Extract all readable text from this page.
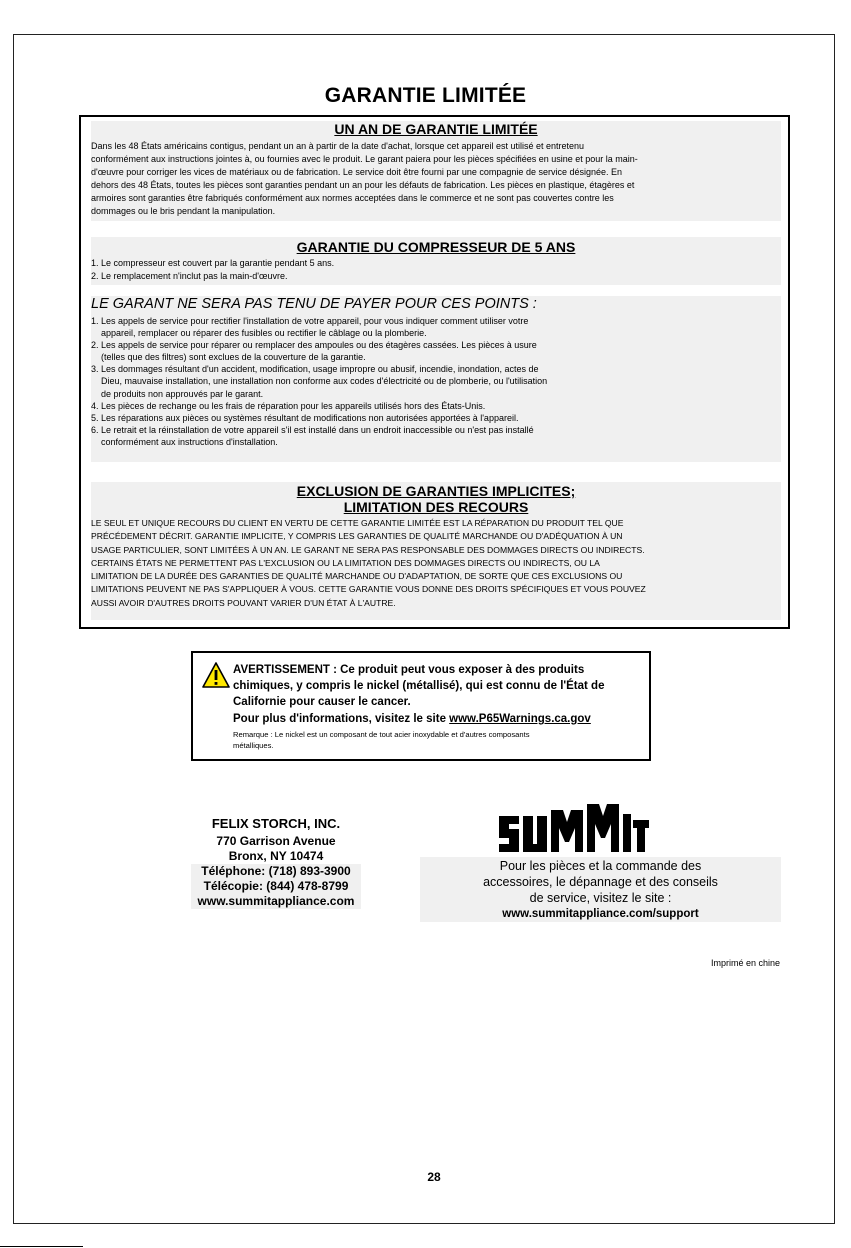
GARANTIE LIMITÉE
UN AN DE GARANTIE LIMITÉE
Dans les 48 États américains contigus, pendant un an à partir de la date d'achat, lorsque cet appareil est utilisé et entretenu
conformément aux instructions jointes à, ou fournies avec le produit. Le garant paiera pour les pièces spécifiées en usine et pour la main-
d'œuvre pour corriger les vices de matériaux ou de fabrication. Le service doit être fourni par une compagnie de service désignée. En
dehors des 48 États, toutes les pièces sont garanties pendant un an pour les défauts de fabrication. Les pièces en plastique, étagères et
armoires sont garanties être fabriqués conformément aux normes acceptées dans le commerce et ne sont pas couvertes contre les
dommages ou le bris pendant la manipulation.
GARANTIE DU COMPRESSEUR DE 5 ANS
1. Le compresseur est couvert par la garantie pendant 5 ans.
2. Le remplacement n'inclut pas la main-d'œuvre.
LE GARANT NE SERA PAS TENU DE PAYER POUR CES POINTS :
1. Les appels de service pour rectifier l'installation de votre appareil, pour vous indiquer comment utiliser votre
appareil, remplacer ou réparer des fusibles ou rectifier le câblage ou la plomberie.
2. Les appels de service pour réparer ou remplacer des ampoules ou des étagères cassées. Les pièces à usure
(telles que des filtres) sont exclues de la couverture de la garantie.
3. Les dommages résultant d'un accident, modification, usage impropre ou abusif, incendie, inondation, actes de
Dieu, mauvaise installation, une installation non conforme aux codes d'électricité ou de plomberie, ou l'utilisation
de produits non approuvés par le garant.
4. Les pièces de rechange ou les frais de réparation pour les appareils utilisés hors des États-Unis.
5. Les réparations aux pièces ou systèmes résultant de modifications non autorisées apportées à l'appareil.
6. Le retrait et la réinstallation de votre appareil s'il est installé dans un endroit inaccessible ou n'est pas installé
conformément aux instructions d'installation.
EXCLUSION DE GARANTIES IMPLICITES;
LIMITATION DES RECOURS
LE SEUL ET UNIQUE RECOURS DU CLIENT EN VERTU DE CETTE GARANTIE LIMITÉE EST LA RÉPARATION DU PRODUIT TEL QUE
PRÉCÉDEMENT DÉCRIT. GARANTIE IMPLICITE, Y COMPRIS LES GARANTIES DE QUALITÉ MARCHANDE OU D'ADÉQUATION À UN
USAGE PARTICULIER, SONT LIMITÉES À UN AN. LE GARANT NE SERA PAS RESPONSABLE DES DOMMAGES DIRECTS OU INDIRECTS.
CERTAINS ÉTATS NE PERMETTENT PAS L'EXCLUSION OU LA LIMITATION DES DOMMAGES DIRECTS OU INDIRECTS, OU LA
LIMITATION DE LA DURÉE DES GARANTIES DE QUALITÉ MARCHANDE OU D'ADAPTATION, DE SORTE QUE CES EXCLUSIONS OU
LIMITATIONS PEUVENT NE PAS S'APPLIQUER À VOUS. CETTE GARANTIE VOUS DONNE DES DROITS SPÉCIFIQUES ET VOUS POUVEZ
AUSSI AVOIR D'AUTRES DROITS POUVANT VARIER D'UN ÉTAT À L'AUTRE.
AVERTISSEMENT : Ce produit peut vous exposer à des produits
chimiques, y compris le nickel (métallisé), qui est connu de l'État de
Californie pour causer le cancer.
Pour plus d'informations, visitez le site www.P65Warnings.ca.gov
Remarque : Le nickel est un composant de tout acier inoxydable et d'autres composants
métalliques.
FELIX STORCH, INC.
770 Garrison Avenue
Bronx, NY 10474
Téléphone: (718) 893-3900
Télécopie: (844) 478-8799
www.summitappliance.com
Pour les pièces et la commande des
accessoires, le dépannage et des conseils
de service, visitez le site :
www.summitappliance.com/support
Imprimé en chine
28
